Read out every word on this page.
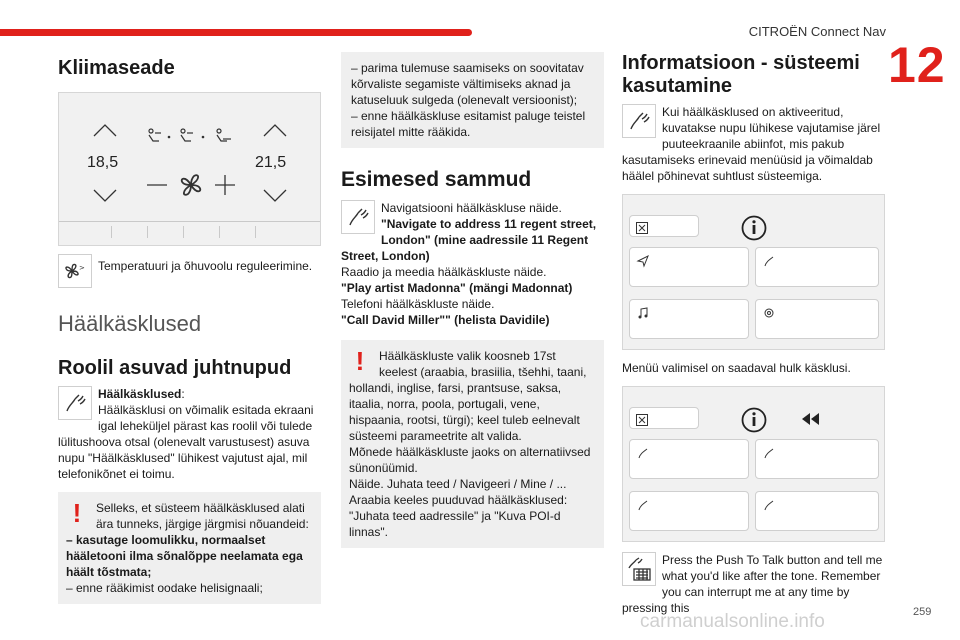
CITROËN Connect Nav
12
Kliimaseade
18,5	21,5
>	Temperatuuri ja õhuvoolu reguleerimine.

Häälkäsklused
Roolil asuvad juhtnupud

Häälkäsklused:

Häälkäsklusi on võimalik esitada ekraani igal leheküljel pärast kas roolil või tulede lülitushoova otsal (olenevalt varustusest) asuva nupu "Häälkäsklused" lühikest vajutust ajal, mil telefonikõnet ei toimu.

!	Selleks, et süsteem häälkäsklused alati ära tunneks, järgige järgmisi nõuandeid:

– kasutage loomulikku, normaalset hääletooni ilma sõnalõppe neelamata ega häält tõstmata;

– enne rääkimist oodake helisignaali;

– parima tulemuse saamiseks on soovitatav kõrvaliste segamiste vältimiseks aknad ja katuseluuk sulgeda (olenevalt versioonist);
– enne häälkäskluse esitamist paluge teistel reisijatel mitte rääkida.
Esimesed sammud

Navigatsiooni häälkäskluse näide.

"Navigate to address 11 regent street, London" (mine aadressile 11 Regent Street, London)

Raadio ja meedia häälkäskluste näide.

"Play artist Madonna" (mängi Madonnat)

Telefoni häälkäskluste näide.

"Call David Miller"" (helista Davidile)

!	Häälkäskluste valik koosneb 17st keelest (araabia, brasiilia, tšehhi, taani, hollandi, inglise, farsi, prantsuse, saksa, itaalia, norra, poola, portugali, vene, hispaania, rootsi, türgi); keel tuleb eelnevalt süsteemi parameetrite alt valida.

Mõnede häälkäskluste jaoks on alternatiivsed sünonüümid.

Näide. Juhata teed / Navigeeri / Mine / ...

Araabia keeles puuduvad häälkäsklused: "Juhata teed aadressile" ja "Kuva POI-d linnas".

Informatsioon - süsteemi kasutamine

Kui häälkäsklused on aktiveeritud, kuvatakse nupu lühikese vajutamise järel puuteekraanile abiinfot, mis pakub kasutamiseks erinevaid menüüsid ja võimaldab häälel põhinevat suhtlust süsteemiga.

Menüü valimisel on saadaval hulk käsklusi.

Press the Push To Talk button and tell me what you'd like after the tone. Remember you can interrupt me at any time by pressing this

carmanualsonline.info	259
